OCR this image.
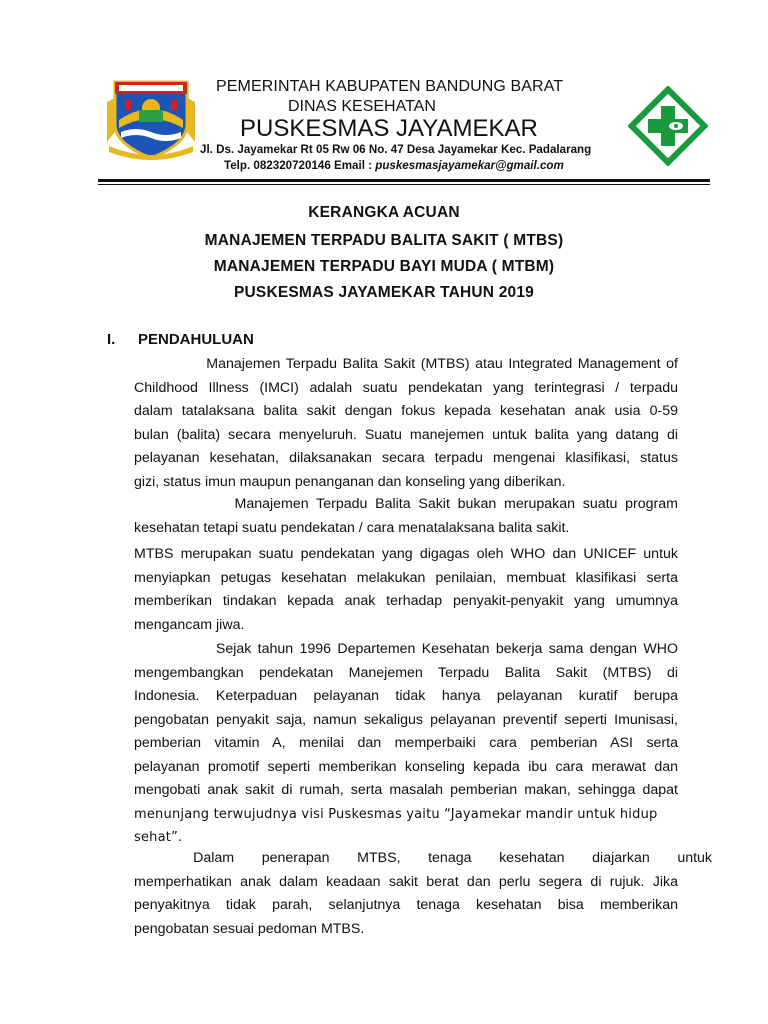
PEMERINTAH KABUPATEN BANDUNG BARAT
DINAS KESEHATAN
PUSKESMAS JAYAMEKAR
Jl. Ds. Jayamekar Rt 05 Rw 06 No. 47 Desa Jayamekar Kec. Padalarang
Telp. 082320720146 Email : puskesmasjayamekar@gmail.com
KERANGKA ACUAN
MANAJEMEN TERPADU BALITA SAKIT ( MTBS)
MANAJEMEN TERPADU BAYI MUDA ( MTBM)
PUSKESMAS JAYAMEKAR TAHUN 2019
I. PENDAHULUAN
Manajemen Terpadu Balita Sakit (MTBS) atau Integrated Management of
Childhood Illness (IMCI) adalah suatu pendekatan yang terintegrasi / terpadu
dalam tatalaksana balita sakit dengan fokus kepada kesehatan anak usia 0-59
bulan (balita) secara menyeluruh. Suatu manejemen untuk balita yang datang di
pelayanan kesehatan, dilaksanakan secara terpadu mengenai klasifikasi, status
gizi, status imun maupun penanganan dan konseling yang diberikan.
Manajemen Terpadu Balita Sakit bukan merupakan suatu program
kesehatan tetapi suatu pendekatan / cara menatalaksana balita sakit.
MTBS merupakan suatu pendekatan yang digagas oleh WHO dan UNICEF untuk
menyiapkan petugas kesehatan melakukan penilaian, membuat klasifikasi serta
memberikan tindakan kepada anak terhadap penyakit-penyakit yang umumnya
mengancam jiwa.
Sejak tahun 1996 Departemen Kesehatan bekerja sama dengan WHO
mengembangkan pendekatan Manejemen Terpadu Balita Sakit (MTBS) di
Indonesia. Keterpaduan pelayanan tidak hanya pelayanan kuratif berupa
pengobatan penyakit saja, namun sekaligus pelayanan preventif seperti Imunisasi,
pemberian vitamin A, menilai dan memperbaiki cara pemberian ASI serta
pelayanan promotif seperti memberikan konseling kepada ibu cara merawat dan
mengobati anak sakit di rumah, serta masalah pemberian makan, sehingga dapat
menunjang terwujudnya visi Puskesmas yaitu “Jayamekar mandir untuk hidup
sehat”.
Dalam       penerapan       MTBS,       tenaga       kesehatan       diajarkan       untuk
memperhatikan anak dalam keadaan sakit berat dan perlu segera di rujuk. Jika
penyakitnya tidak parah, selanjutnya tenaga kesehatan bisa memberikan
pengobatan sesuai pedoman MTBS.
